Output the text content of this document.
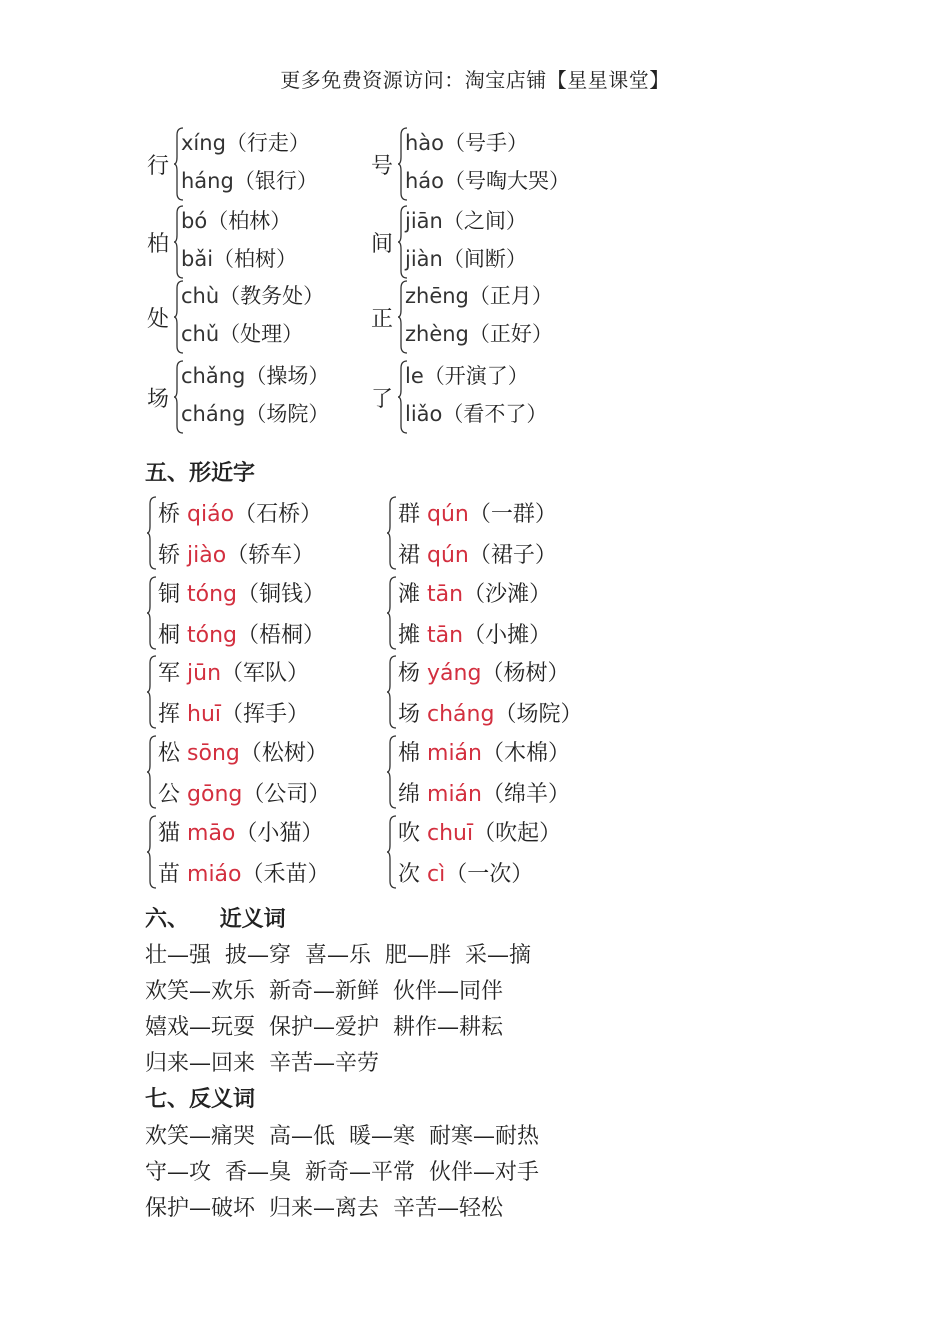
更多免费资源访问：淘宝店铺【星星课堂】
行
xíng（行走）
háng（银行）
号
hào（号手）
háo（号啕大哭）
柏
bó（柏林）
bǎi（柏树）
间
jiān（之间）
jiàn（间断）
处
chù（教务处）
chǔ（处理）
正
zhēng（正月）
zhèng（正好）
场
chǎng（操场）
cháng（场院）
了
le（开演了）
liǎo（看不了）
五、形近字
桥 qiáo（石桥）
轿 jiào（轿车）
群 qún（一群）
裙 qún（裙子）
铜 tóng（铜钱）
桐 tóng（梧桐）
滩 tān（沙滩）
摊 tān（小摊）
军 jūn（军队）
挥 huī（挥手）
杨 yáng（杨树）
场 cháng（场院）
松 sōng（松树）
公 gōng（公司）
棉 mián（木棉）
绵 mián（绵羊）
猫 māo（小猫）
苗 miáo（禾苗）
吹 chuī（吹起）
次 cì（一次）
六、    近义词
壮—强  披—穿  喜—乐  肥—胖  采—摘
欢笑—欢乐  新奇—新鲜  伙伴—同伴
嬉戏—玩耍  保护—爱护  耕作—耕耘
归来—回来  辛苦—辛劳
七、反义词
欢笑—痛哭  高—低  暖—寒  耐寒—耐热
守—攻  香—臭  新奇—平常  伙伴—对手
保护—破坏  归来—离去  辛苦—轻松
